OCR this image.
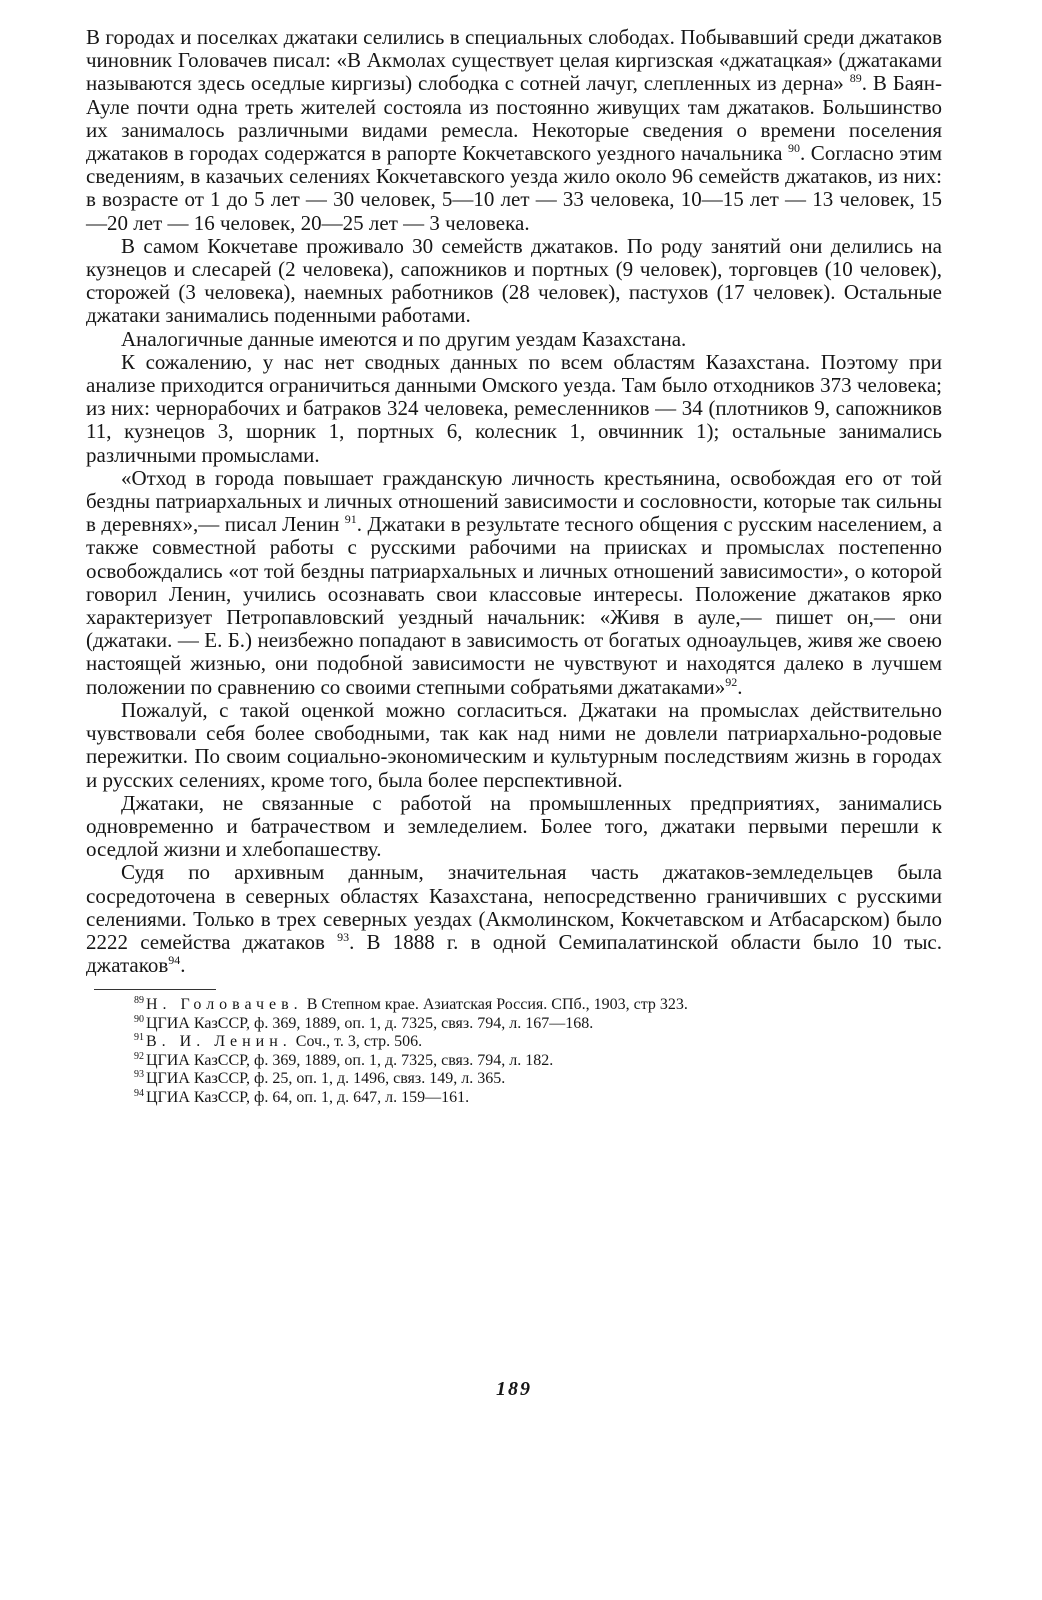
В городах и поселках джатаки селились в специальных слободах. Побывавший среди джатаков чиновник Головачев писал: «В Акмолах существует целая киргизская «джатацкая» (джатаками называются здесь оседлые киргизы) слободка с сотней лачуг, слепленных из дерна» $^{89}$. В Баян-Ауле почти одна треть жителей состояла из постоянно живущих там джатаков. Большинство их занималось различными видами ремесла. Некоторые сведения о времени поселения джатаков в городах содержатся в рапорте Кокчетавского уездного начальника $^{90}$. Согласно этим сведениям, в казачьих селениях Кокчетавского уезда жило около 96 семейств джатаков, из них: в возрасте от 1 до 5 лет — 30 человек, 5—10 лет — 33 человека, 10—15 лет — 13 человек, 15—20 лет — 16 человек, 20—25 лет — 3 человека.

В самом Кокчетаве проживало 30 семейств джатаков. По роду занятий они делились на кузнецов и слесарей (2 человека), сапожников и портных (9 человек), торговцев (10 человек), сторожей (3 человека), наемных работников (28 человек), пастухов (17 человек). Остальные джатаки занимались поденными работами.

Аналогичные данные имеются и по другим уездам Казахстана.

К сожалению, у нас нет сводных данных по всем областям Казахстана. Поэтому при анализе приходится ограничиться данными Омского уезда. Там было отходников 373 человека; из них: чернорабочих и батраков 324 человека, ремесленников — 34 (плотников 9, сапожников 11, кузнецов 3, шорник 1, портных 6, колесник 1, овчинник 1); остальные занимались различными промыслами.

«Отход в города повышает гражданскую личность крестьянина, освобождая его от той бездны патриархальных и личных отношений зависимости и сословности, которые так сильны в деревнях»,— писал Ленин $^{91}$. Джатаки в результате тесного общения с русским населением, а также совместной работы с русскими рабочими на приисках и промыслах постепенно освобождались «от той бездны патриархальных и личных отношений зависимости», о которой говорил Ленин, учились осознавать свои классовые интересы. Положение джатаков ярко характеризует Петропавловский уездный начальник: «Живя в ауле,— пишет он,— они (джатаки. — Е. Б.) неизбежно попадают в зависимость от богатых одноаульцев, живя же своею настоящей жизнью, они подобной зависимости не чувствуют и находятся далеко в лучшем положении по сравнению со своими степными собратьями джатаками»$^{92}$.

Пожалуй, с такой оценкой можно согласиться. Джатаки на промыслах действительно чувствовали себя более свободными, так как над ними не довлели патриархально-родовые пережитки. По своим социально-экономическим и культурным последствиям жизнь в городах и русских селениях, кроме того, была более перспективной.

Джатаки, не связанные с работой на промышленных предприятиях, занимались одновременно и батрачеством и земледелием. Более того, джатаки первыми перешли к оседлой жизни и хлебопашеству.

Судя по архивным данным, значительная часть джатаков-земледельцев была сосредоточена в северных областях Казахстана, непосредственно граничивших с русскими селениями. Только в трех северных уездах (Акмолинском, Кокчетавском и Атбасарском) было 2222 семейства джатаков $^{93}$. В 1888 г. в одной Семипалатинской области было 10 тыс. джатаков$^{94}$.

$^{89}$ Н. Головачев. В Степном крае. Азиатская Россия. СПб., 1903, стр 323.

$^{90}$ ЦГИА КазССР, ф. 369, 1889, оп. 1, д. 7325, связ. 794, л. 167—168.

$^{91}$ В. И. Ленин. Соч., т. 3, стр. 506.

$^{92}$ ЦГИА КазССР, ф. 369, 1889, оп. 1, д. 7325, связ. 794, л. 182.

$^{93}$ ЦГИА КазССР, ф. 25, оп. 1, д. 1496, связ. 149, л. 365.

$^{94}$ ЦГИА КазССР, ф. 64, оп. 1, д. 647, л. 159—161.

189
